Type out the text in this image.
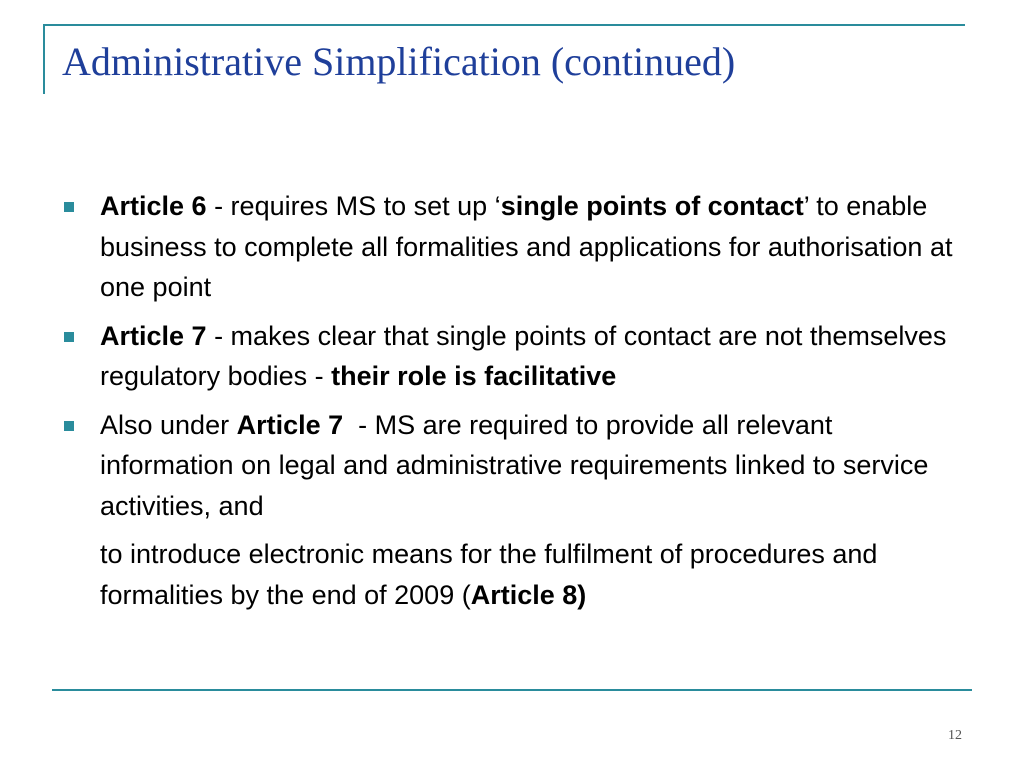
Administrative Simplification (continued)
Article 6 - requires MS to set up ‘single points of contact’ to enable business to complete all formalities and applications for authorisation at one point
Article 7 - makes clear that single points of contact are not themselves regulatory bodies - their role is facilitative
Also under Article 7  - MS are required to provide all relevant information on legal and administrative requirements linked to service activities, and
to introduce electronic means for the fulfilment of procedures and formalities by the end of 2009 (Article 8)
12
